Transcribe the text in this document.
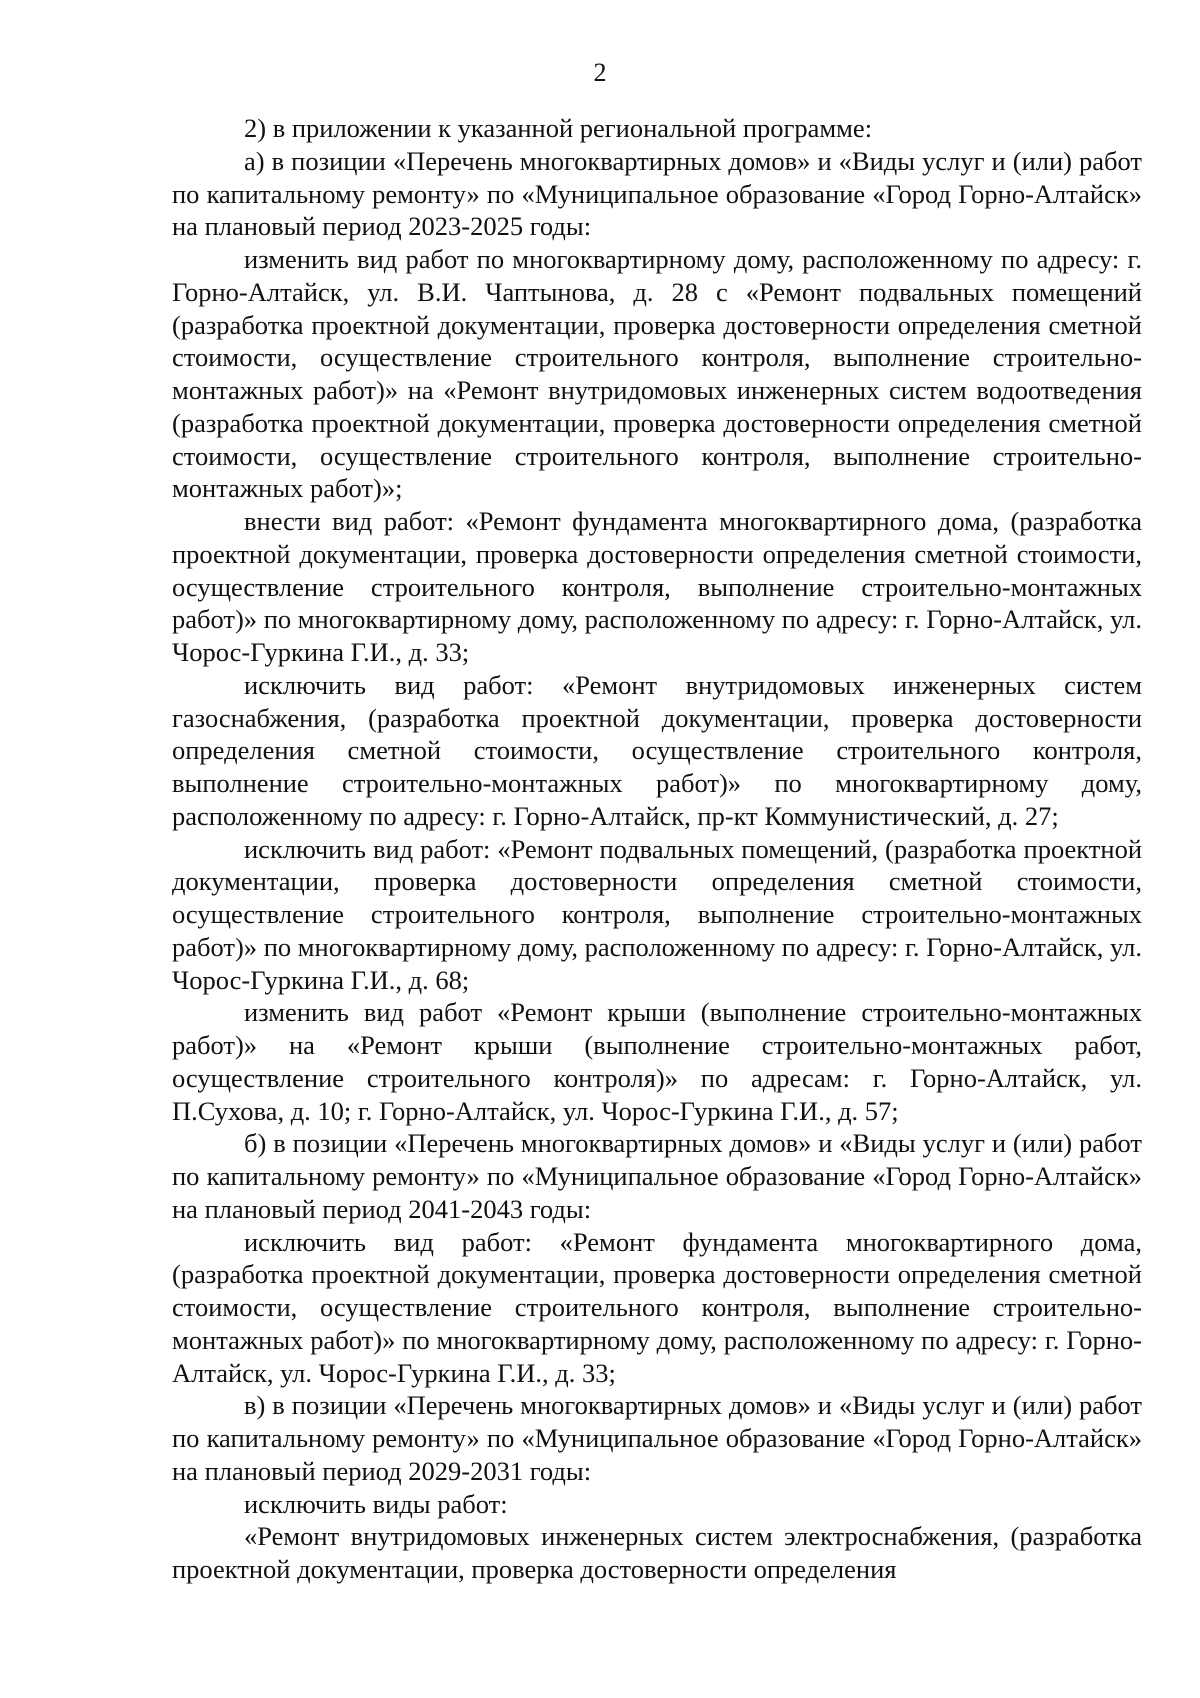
2

2) в приложении к указанной региональной программе:

а) в позиции «Перечень многоквартирных домов» и «Виды услуг и (или) работ по капитальному ремонту» по «Муниципальное образование «Город Горно-Алтайск» на плановый период 2023-2025 годы:

изменить вид работ по многоквартирному дому, расположенному по адресу: г. Горно-Алтайск, ул. В.И. Чаптынова, д. 28 с «Ремонт подвальных помещений (разработка проектной документации, проверка достоверности определения сметной стоимости, осуществление строительного контроля, выполнение строительно-монтажных работ)» на «Ремонт внутридомовых инженерных систем водоотведения (разработка проектной документации, проверка достоверности определения сметной стоимости, осуществление строительного контроля, выполнение строительно-монтажных работ)»;

внести вид работ: «Ремонт фундамента многоквартирного дома, (разработка проектной документации, проверка достоверности определения сметной стоимости, осуществление строительного контроля, выполнение строительно-монтажных работ)» по многоквартирному дому, расположенному по адресу: г. Горно-Алтайск, ул. Чорос-Гуркина Г.И., д. 33;

исключить вид работ: «Ремонт внутридомовых инженерных систем газоснабжения, (разработка проектной документации, проверка достоверности определения сметной стоимости, осуществление строительного контроля, выполнение строительно-монтажных работ)» по многоквартирному дому, расположенному по адресу: г. Горно-Алтайск, пр-кт Коммунистический, д. 27;

исключить вид работ: «Ремонт подвальных помещений, (разработка проектной документации, проверка достоверности определения сметной стоимости, осуществление строительного контроля, выполнение строительно-монтажных работ)» по многоквартирному дому, расположенному по адресу: г. Горно-Алтайск, ул. Чорос-Гуркина Г.И., д. 68;

изменить вид работ «Ремонт крыши (выполнение строительно-монтажных работ)» на «Ремонт крыши (выполнение строительно-монтажных работ, осуществление строительного контроля)» по адресам: г. Горно-Алтайск, ул. П.Сухова, д. 10; г. Горно-Алтайск, ул. Чорос-Гуркина Г.И., д. 57;

б) в позиции «Перечень многоквартирных домов» и «Виды услуг и (или) работ по капитальному ремонту» по «Муниципальное образование «Город Горно-Алтайск» на плановый период 2041-2043 годы:

исключить вид работ: «Ремонт фундамента многоквартирного дома, (разработка проектной документации, проверка достоверности определения сметной стоимости, осуществление строительного контроля, выполнение строительно-монтажных работ)» по многоквартирному дому, расположенному по адресу: г. Горно-Алтайск, ул. Чорос-Гуркина Г.И., д. 33;

в) в позиции «Перечень многоквартирных домов» и «Виды услуг и (или) работ по капитальному ремонту» по «Муниципальное образование «Город Горно-Алтайск» на плановый период 2029-2031 годы:

исключить виды работ:

«Ремонт внутридомовых инженерных систем электроснабжения, (разработка проектной документации, проверка достоверности определения
